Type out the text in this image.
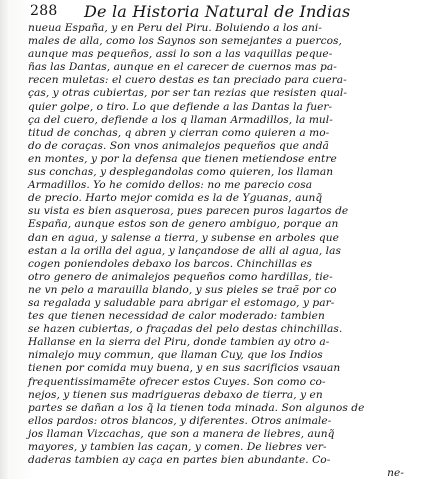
288 De la Historia Natural de Indias
nueua España, y en Peru del Piru. Boluiendo a los ani-
males de alla, como los Saynos son semejantes a puercos,
aunque mas pequeños, assi lo son a las vaquillas peque-
ñas las Dantas, aunque en el carecer de cuernos mas pa-
recen muletas: el cuero destas es tan preciado para cuera-
ças, y otras cubiertas, por ser tan rezias que resisten qual-
quier golpe, o tiro. Lo que defiende a las Dantas la fuer-
ça del cuero, defiende a los q llaman Armadillos, la mul-
titud de conchas, q abren y cierran como quieren a mo-
do de coraças. Son vnos animalejos pequeños que andã
en montes, y por la defensa que tienen metiendose entre
sus conchas, y desplegandolas como quieren, los llaman
Armadillos. Yo he comido dellos: no me parecio cosa
de precio. Harto mejor comida es la de Yguanas, aunq̃
su vista es bien asquerosa, pues parecen puros lagartos de
España, aunque estos son de genero ambiguo, porque an
dan en agua, y salense a tierra, y subense en arboles que
estan a la orilla del agua, y lançandose de alli al agua, las
cogen poniendoles debaxo los barcos. Chinchillas es
otro genero de animalejos pequeños como hardillas, tie-
ne vn pelo a marauilla blando, y sus pieles se traẽ por co
sa regalada y saludable para abrigar el estomago, y par-
tes que tienen necessidad de calor moderado: tambien
se hazen cubiertas, o fraçadas del pelo destas chinchillas.
Hallanse en la sierra del Piru, donde tambien ay otro a-
nimalejo muy commun, que llaman Cuy, que los Indios
tienen por comida muy buena, y en sus sacrificios vsauan
frequentissimamẽte ofrecer estos Cuyes. Son como co-
nejos, y tienen sus madrigueras debaxo de tierra, y en
partes se dañan a los q̃ la tienen toda minada. Son algunos de
ellos pardos: otros blancos, y diferentes. Otros animale-
jos llaman Vizcachas, que son a manera de liebres, aunq̃
mayores, y tambien las caçan, y comen. De liebres ver-
daderas tambien ay caça en partes bien abundante. Co-
ne-
